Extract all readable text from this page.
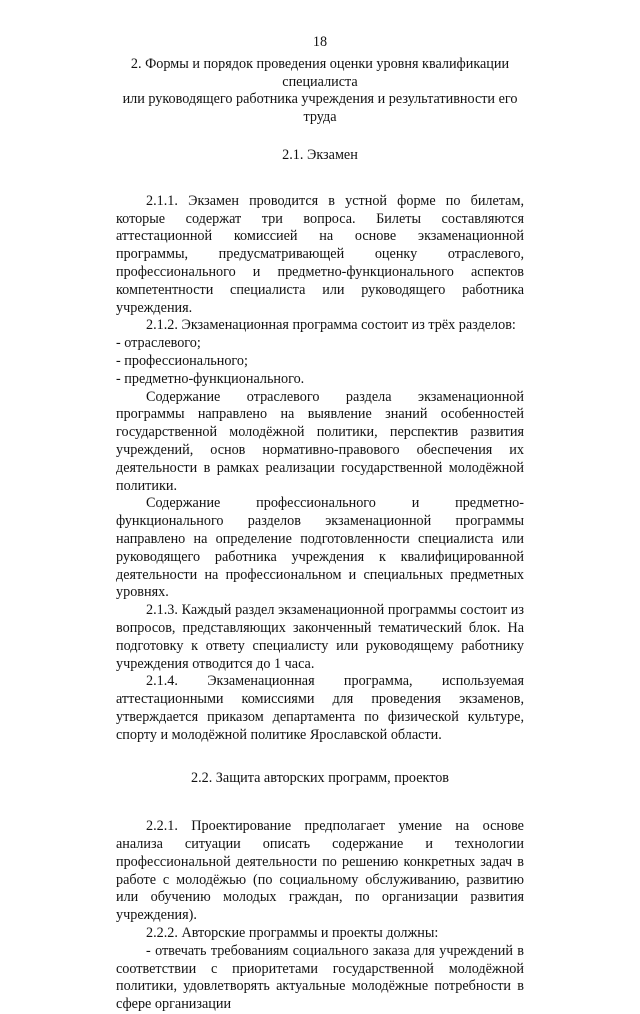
18
2. Формы и порядок проведения оценки уровня квалификации специалиста
или руководящего работника учреждения и результативности его труда
2.1. Экзамен

2.1.1. Экзамен проводится в устной форме по билетам, которые содержат три вопроса. Билеты составляются аттестационной комиссией на основе экзаменационной программы, предусматривающей оценку отраслевого, профессионального и предметно-функционального аспектов компетентности специалиста или руководящего работника учреждения.

2.1.2. Экзаменационная программа состоит из трёх разделов:

- отраслевого;

- профессионального;

- предметно-функционального.

Содержание отраслевого раздела экзаменационной программы направлено на выявление знаний особенностей государственной молодёжной политики, перспектив развития учреждений, основ нормативно-правового обеспечения их деятельности в рамках реализации государственной молодёжной политики.

Содержание профессионального и предметно-функционального разделов экзаменационной программы направлено на определение подготовленности специалиста или руководящего работника учреждения к квалифицированной деятельности на профессиональном и специальных предметных уровнях.

2.1.3. Каждый раздел экзаменационной программы состоит из вопросов, представляющих законченный тематический блок. На подготовку к ответу специалисту или руководящему работнику учреждения отводится до 1 часа.

2.1.4. Экзаменационная программа, используемая аттестационными комиссиями для проведения экзаменов, утверждается приказом департамента по физической культуре, спорту и молодёжной политике Ярославской области.

2.2. Защита авторских программ, проектов

2.2.1. Проектирование предполагает умение на основе анализа ситуации описать содержание и технологии профессиональной деятельности по решению конкретных задач в работе с молодёжью (по социальному обслуживанию, развитию или обучению молодых граждан, по организации развития учреждения).

2.2.2. Авторские программы и проекты должны:

- отвечать требованиям социального заказа для учреждений в соответствии с приоритетами государственной молодёжной политики, удовлетворять актуальные молодёжные потребности в сфере организации
